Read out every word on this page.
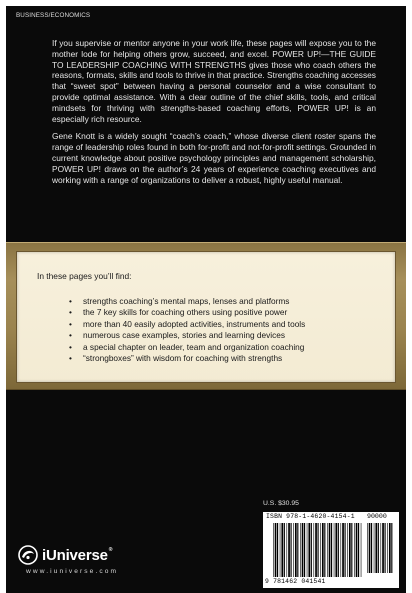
BUSINESS/ECONOMICS

If you supervise or mentor anyone in your work life, these pages will expose you to the mother lode for helping others grow, succeed, and excel. POWER UP!—THE GUIDE TO LEADERSHIP COACHING WITH STRENGTHS gives those who coach others the reasons, formats, skills and tools to thrive in that practice. Strengths coaching accesses that “sweet spot” between having a personal counselor and a wise consultant to provide optimal assistance. With a clear outline of the chief skills, tools, and critical mindsets for thriving with strengths-based coaching efforts, POWER UP! is an especially rich resource.

Gene Knott is a widely sought “coach’s coach,” whose diverse client roster spans the range of leadership roles found in both for-profit and not-for-profit settings. Grounded in current knowledge about positive psychology principles and management scholarship, POWER UP! draws on the author’s 24 years of experience coaching executives and working with a range of organizations to deliver a robust, highly useful manual.

In these pages you’ll find:
• strengths coaching’s mental maps, lenses and platforms
• the 7 key skills for coaching others using positive power
• more than 40 easily adopted activities, instruments and tools
• numerous case examples, stories and learning devices
• a special chapter on leader, team and organization coaching
• “strongboxes” with wisdom for coaching with strengths
U.S. $30.95
ISBN 978-1-4620-4154-1	90000
9 781462 041541
iUniverse®
www.iuniverse.com
